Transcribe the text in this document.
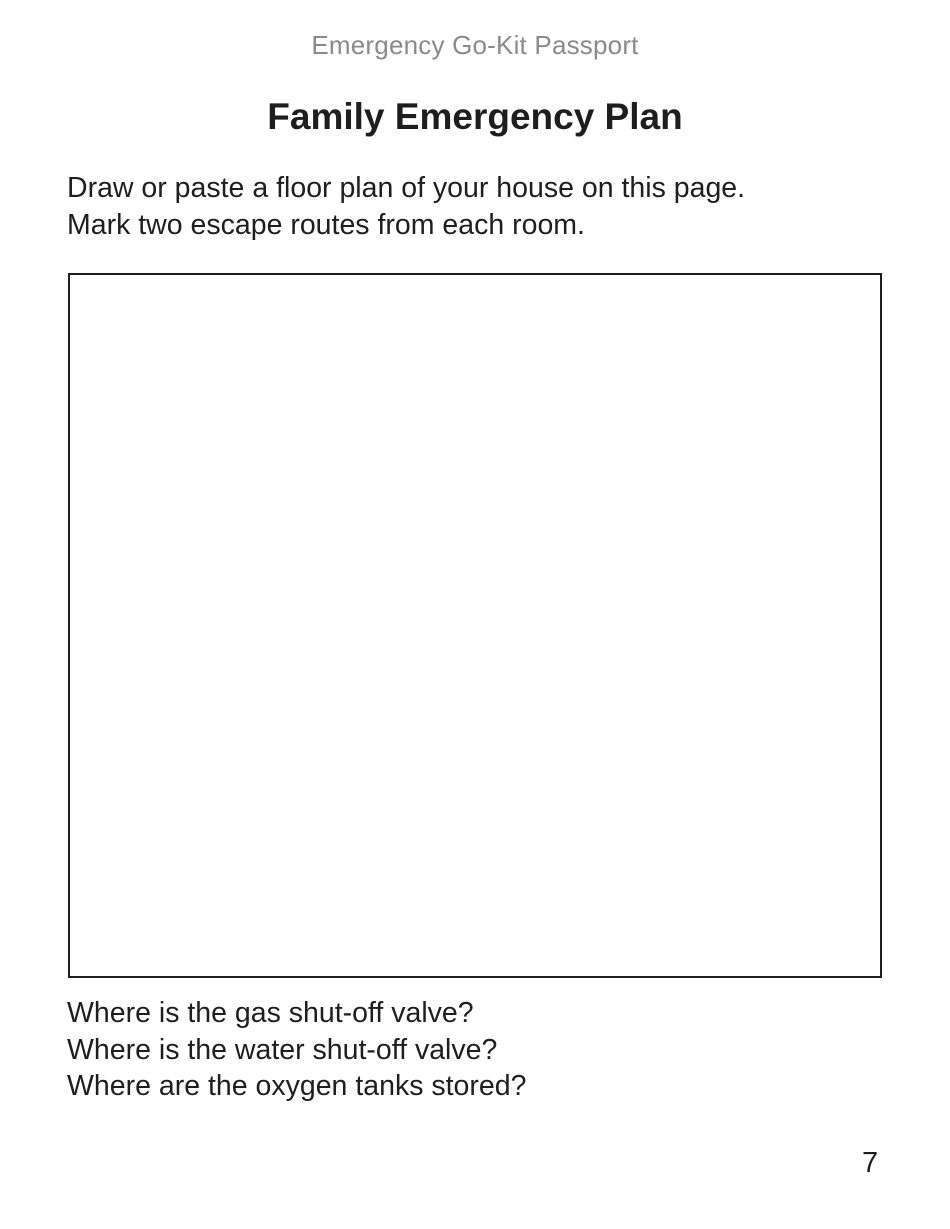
Emergency Go-Kit Passport
Family Emergency Plan
Draw or paste a floor plan of your house on this page.
Mark two escape routes from each room.
Where is the gas shut-off valve?
Where is the water shut-off valve?
Where are the oxygen tanks stored?
7
